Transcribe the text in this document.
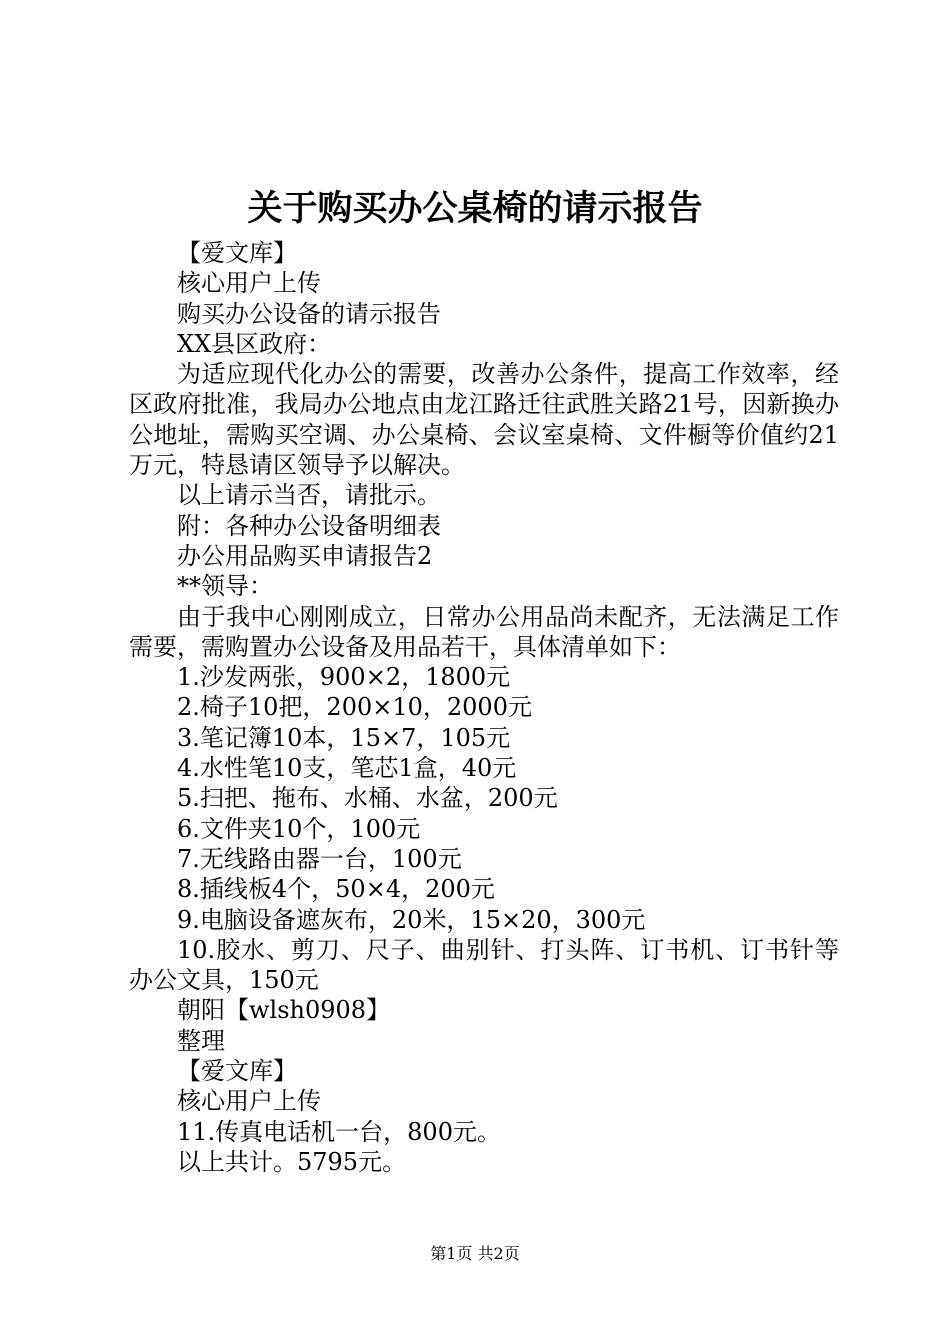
关于购买办公桌椅的请示报告

【爱文库】

核心用户上传

购买办公设备的请示报告

XX县区政府：

为适应现代化办公的需要，改善办公条件，提高工作效率，经区政府批准，我局办公地点由龙江路迁往武胜关路21号，因新换办公地址，需购买空调、办公桌椅、会议室桌椅、文件橱等价值约21万元，特恳请区领导予以解决。

以上请示当否，请批示。

附：各种办公设备明细表

办公用品购买申请报告2

**领导：

由于我中心刚刚成立，日常办公用品尚未配齐，无法满足工作需要，需购置办公设备及用品若干，具体清单如下：

1.沙发两张，900×2，1800元

2.椅子10把，200×10，2000元

3.笔记簿10本，15×7，105元

4.水性笔10支，笔芯1盒，40元

5.扫把、拖布、水桶、水盆，200元

6.文件夹10个，100元

7.无线路由器一台，100元

8.插线板4个，50×4，200元

9.电脑设备遮灰布，20米，15×20，300元

10.胶水、剪刀、尺子、曲别针、打头阵、订书机、订书针等办公文具，150元

朝阳【wlsh0908】

整理

【爱文库】

核心用户上传

11.传真电话机一台，800元。

以上共计。5795元。

第1页 共2页
